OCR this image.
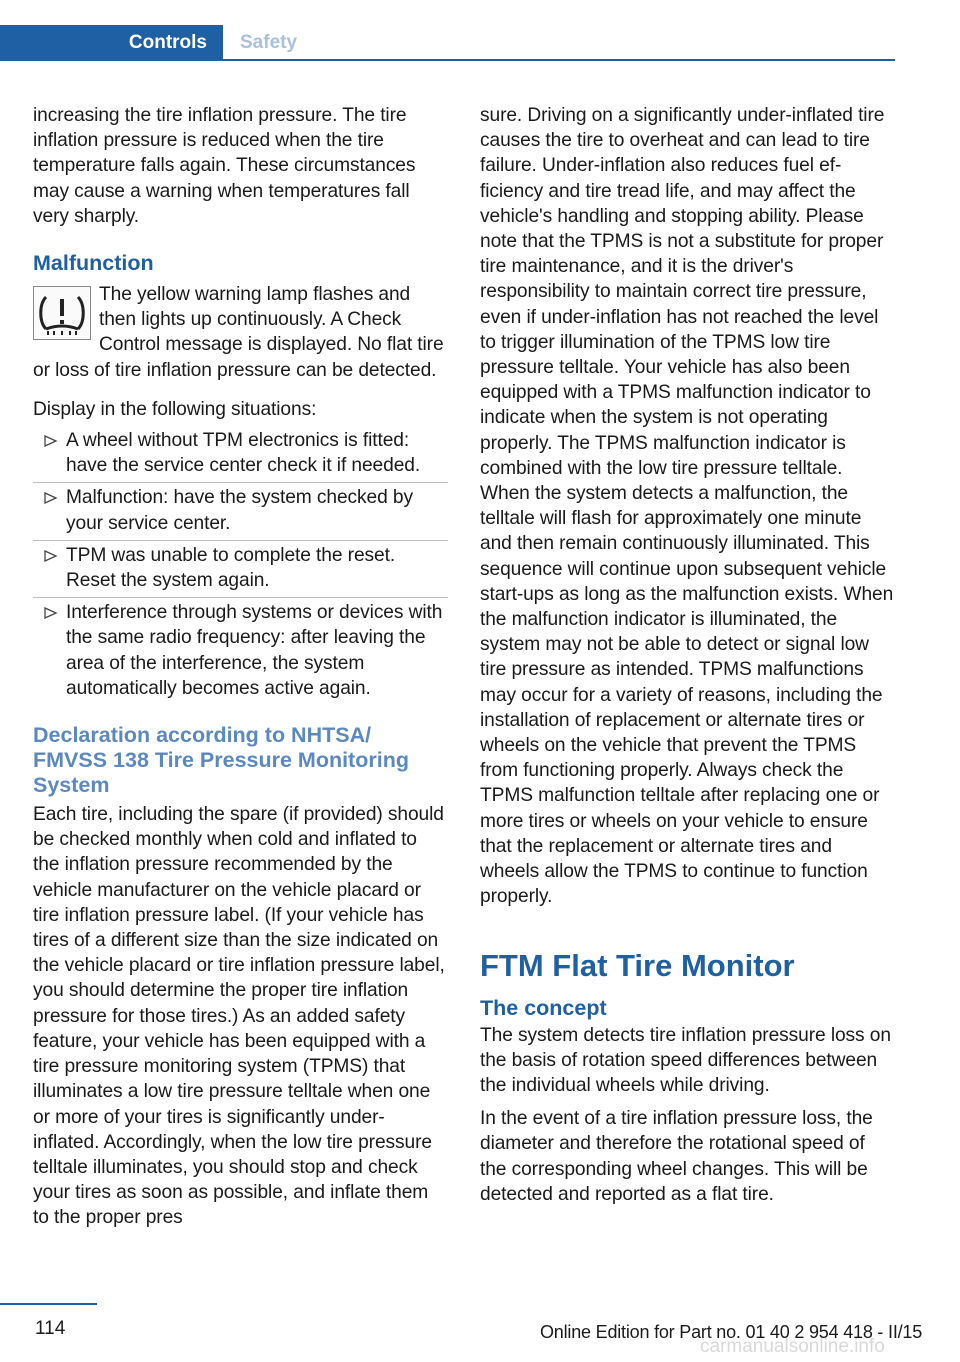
Controls	Safety

increasing the tire inflation pressure. The tire inflation pressure is reduced when the tire temperature falls again. These circumstances may cause a warning when temperatures fall very sharply.

Malfunction

The yellow warning lamp flashes and then lights up continuously. A Check Control message is displayed. No flat tire or loss of tire inflation pressure can be detected.

Display in the following situations:

A wheel without TPM electronics is fitted: have the service center check it if needed.
Malfunction: have the system checked by your service center.
TPM was unable to complete the reset. Reset the system again.
Interference through systems or devices with the same radio frequency: after leaving the area of the interference, the system automatically becomes active again.
Declaration according to NHTSA/ FMVSS 138 Tire Pressure Monitoring System

Each tire, including the spare (if provided) should be checked monthly when cold and inflated to the inflation pressure recommended by the vehicle manufacturer on the vehicle placard or tire inflation pressure label. (If your vehicle has tires of a different size than the size indicated on the vehicle placard or tire inflation pressure label, you should determine the proper tire inflation pressure for those tires.) As an added safety feature, your vehicle has been equipped with a tire pressure monitoring system (TPMS) that illuminates a low tire pressure telltale when one or more of your tires is significantly under-inflated. Accordingly, when the low tire pressure telltale illuminates, you should stop and check your tires as soon as possible, and inflate them to the proper pres

sure. Driving on a significantly under-inflated tire causes the tire to overheat and can lead to tire failure. Under-inflation also reduces fuel efficiency and tire tread life, and may affect the vehicle's handling and stopping ability. Please note that the TPMS is not a substitute for proper tire maintenance, and it is the driver's responsibility to maintain correct tire pressure, even if under-inflation has not reached the level to trigger illumination of the TPMS low tire pressure telltale. Your vehicle has also been equipped with a TPMS malfunction indicator to indicate when the system is not operating properly. The TPMS malfunction indicator is combined with the low tire pressure telltale. When the system detects a malfunction, the telltale will flash for approximately one minute and then remain continuously illuminated. This sequence will continue upon subsequent vehicle start-ups as long as the malfunction exists. When the malfunction indicator is illuminated, the system may not be able to detect or signal low tire pressure as intended. TPMS malfunctions may occur for a variety of reasons, including the installation of replacement or alternate tires or wheels on the vehicle that prevent the TPMS from functioning properly. Always check the TPMS malfunction telltale after replacing one or more tires or wheels on your vehicle to ensure that the replacement or alternate tires and wheels allow the TPMS to continue to function properly.

FTM Flat Tire Monitor
The concept

The system detects tire inflation pressure loss on the basis of rotation speed differences between the individual wheels while driving.

In the event of a tire inflation pressure loss, the diameter and therefore the rotational speed of the corresponding wheel changes. This will be detected and reported as a flat tire.

114	Online Edition for Part no. 01 40 2 954 418 - II/15
carmanualsonline.info
